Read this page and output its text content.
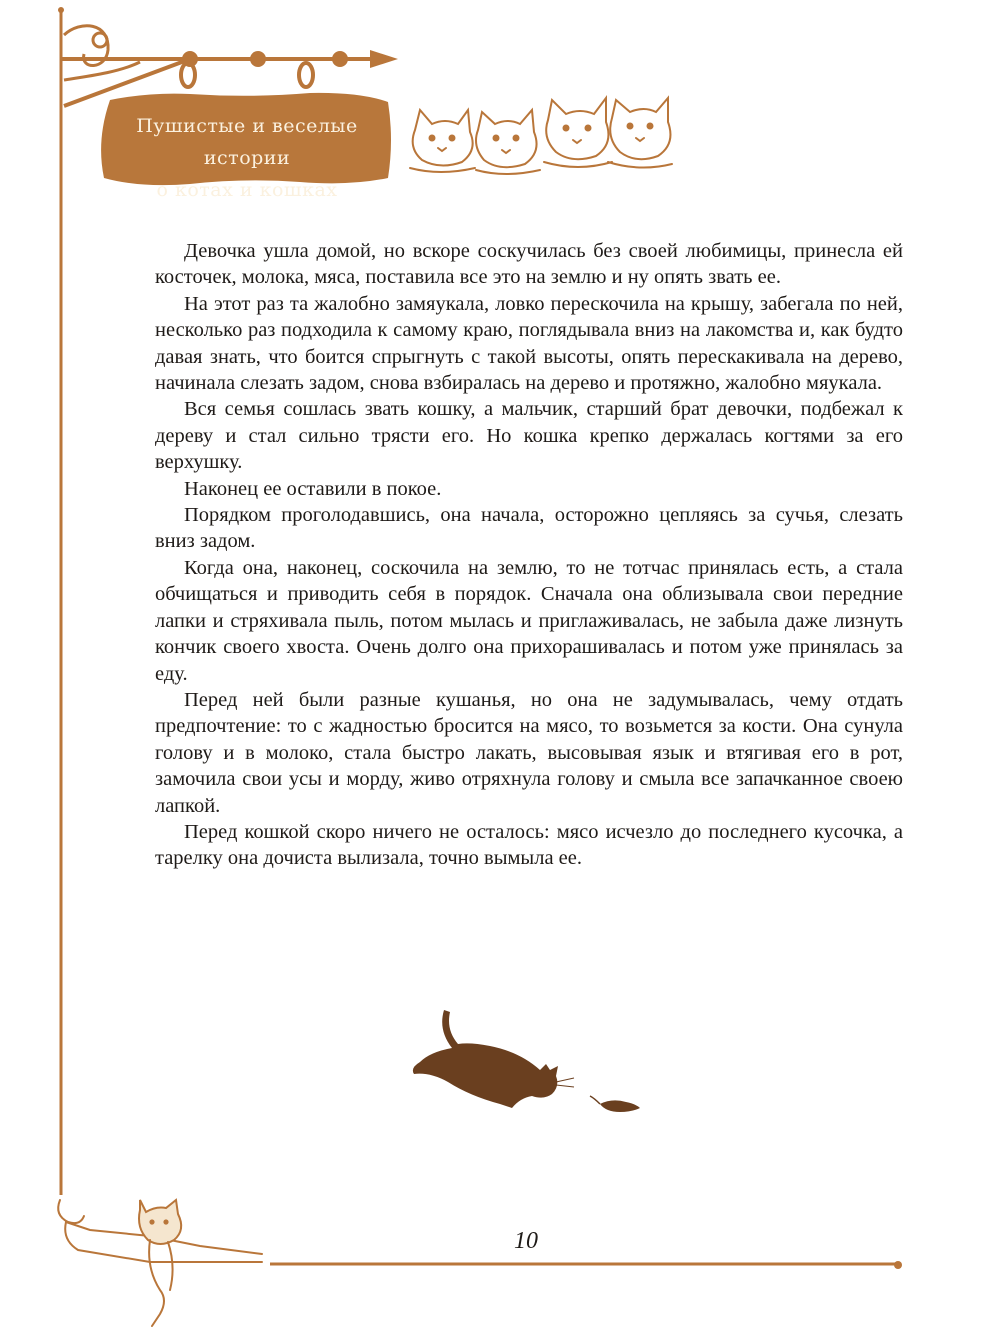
Пушистые и веселые истории
о котах и кошках

Девочка ушла домой, но вскоре соскучилась без своей любимицы, принесла ей косточек, молока, мяса, поставила все это на землю и ну опять звать ее.

На этот раз та жалобно замяукала, ловко перескочила на крышу, забегала по ней, несколько раз подходила к самому краю, поглядывала вниз на лакомства и, как будто давая знать, что боится спрыгнуть с такой высоты, опять перескакивала на дерево, начинала слезать задом, снова взбиралась на дерево и протяжно, жалобно мяукала.

Вся семья сошлась звать кошку, а мальчик, старший брат девочки, подбежал к дереву и стал сильно трясти его. Но кошка крепко держалась когтями за его верхушку.

Наконец ее оставили в покое.

Порядком проголодавшись, она начала, осторожно цепляясь за сучья, слезать вниз задом.

Когда она, наконец, соскочила на землю, то не тотчас принялась есть, а стала обчищаться и приводить себя в порядок. Сначала она облизывала свои передние лапки и стряхивала пыль, потом мылась и приглаживалась, не забыла даже лизнуть кончик своего хвоста. Очень долго она прихорашивалась и потом уже принялась за еду.

Перед ней были разные кушанья, но она не задумывалась, чему отдать предпочтение: то с жадностью бросится на мясо, то возьмется за кости. Она сунула голову и в молоко, стала быстро лакать, высовывая язык и втягивая его в рот, замочила свои усы и морду, живо отряхнула голову и смыла все запачканное своею лапкой.

Перед кошкой скоро ничего не осталось: мясо исчезло до последнего кусочка, а тарелку она дочиста вылизала, точно вымыла ее.

10
